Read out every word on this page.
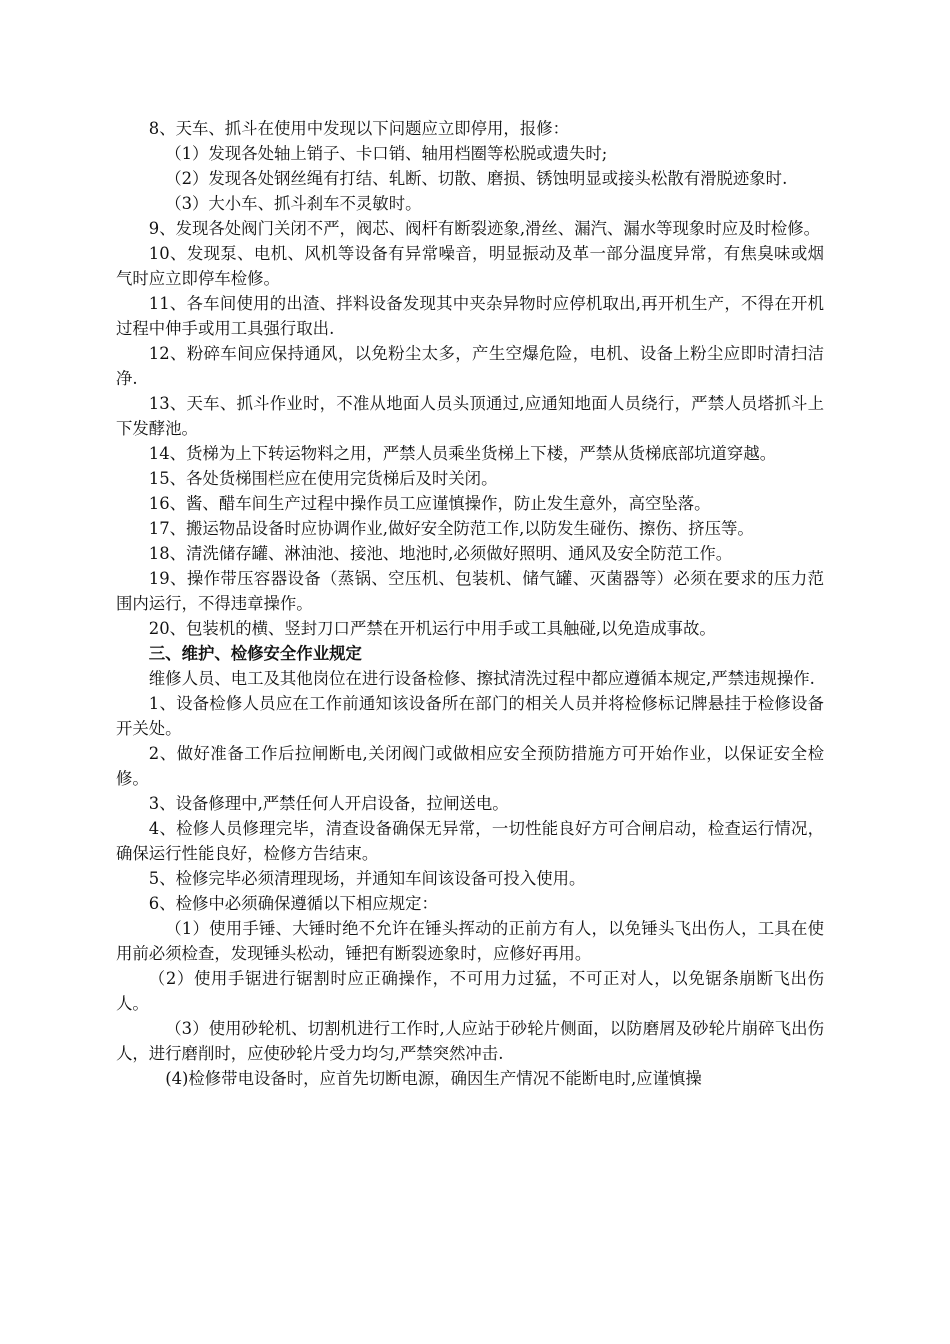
8、天车、抓斗在使用中发现以下问题应立即停用，报修：

（1）发现各处轴上销子、卡口销、轴用档圈等松脱或遗失时;

（2）发现各处钢丝绳有打结、轧断、切散、磨损、锈蚀明显或接头松散有滑脱迹象时.

（3）大小车、抓斗刹车不灵敏时。

9、发现各处阀门关闭不严，阀芯、阀杆有断裂迹象,滑丝、漏汽、漏水等现象时应及时检修。

10、发现泵、电机、风机等设备有异常噪音，明显振动及革一部分温度异常，有焦臭味或烟气时应立即停车检修。

11、各车间使用的出渣、拌料设备发现其中夹杂异物时应停机取出,再开机生产，不得在开机过程中伸手或用工具强行取出.

12、粉碎车间应保持通风，以免粉尘太多，产生空爆危险，电机、设备上粉尘应即时清扫洁净.

13、天车、抓斗作业时，不准从地面人员头顶通过,应通知地面人员绕行，严禁人员塔抓斗上下发酵池。

14、货梯为上下转运物料之用，严禁人员乘坐货梯上下楼，严禁从货梯底部坑道穿越。

15、各处货梯围栏应在使用完货梯后及时关闭。

16、酱、醋车间生产过程中操作员工应谨慎操作，防止发生意外，高空坠落。

17、搬运物品设备时应协调作业,做好安全防范工作,以防发生碰伤、擦伤、挤压等。

18、清洗储存罐、淋油池、接池、地池时,必须做好照明、通风及安全防范工作。

19、操作带压容器设备（蒸锅、空压机、包装机、储气罐、灭菌器等）必须在要求的压力范围内运行，不得违章操作。

20、包装机的横、竖封刀口严禁在开机运行中用手或工具触碰,以免造成事故。

三、维护、检修安全作业规定

维修人员、电工及其他岗位在进行设备检修、擦拭清洗过程中都应遵循本规定,严禁违规操作.

1、设备检修人员应在工作前通知该设备所在部门的相关人员并将检修标记牌悬挂于检修设备开关处。

2、做好准备工作后拉闸断电,关闭阀门或做相应安全预防措施方可开始作业，以保证安全检修。

3、设备修理中,严禁任何人开启设备，拉闸送电。

4、检修人员修理完毕，清查设备确保无异常，一切性能良好方可合闸启动，检查运行情况，确保运行性能良好，检修方告结束。

5、检修完毕必须清理现场，并通知车间该设备可投入使用。

6、检修中必须确保遵循以下相应规定：

（1）使用手锤、大锤时绝不允许在锤头挥动的正前方有人，以免锤头飞出伤人，工具在使用前必须检查，发现锤头松动，锤把有断裂迹象时，应修好再用。

（2）使用手锯进行锯割时应正确操作，不可用力过猛，不可正对人，以免锯条崩断飞出伤人。

（3）使用砂轮机、切割机进行工作时,人应站于砂轮片侧面，以防磨屑及砂轮片崩碎飞出伤人，进行磨削时，应使砂轮片受力均匀,严禁突然冲击.

(4)检修带电设备时，应首先切断电源，确因生产情况不能断电时,应谨慎操
